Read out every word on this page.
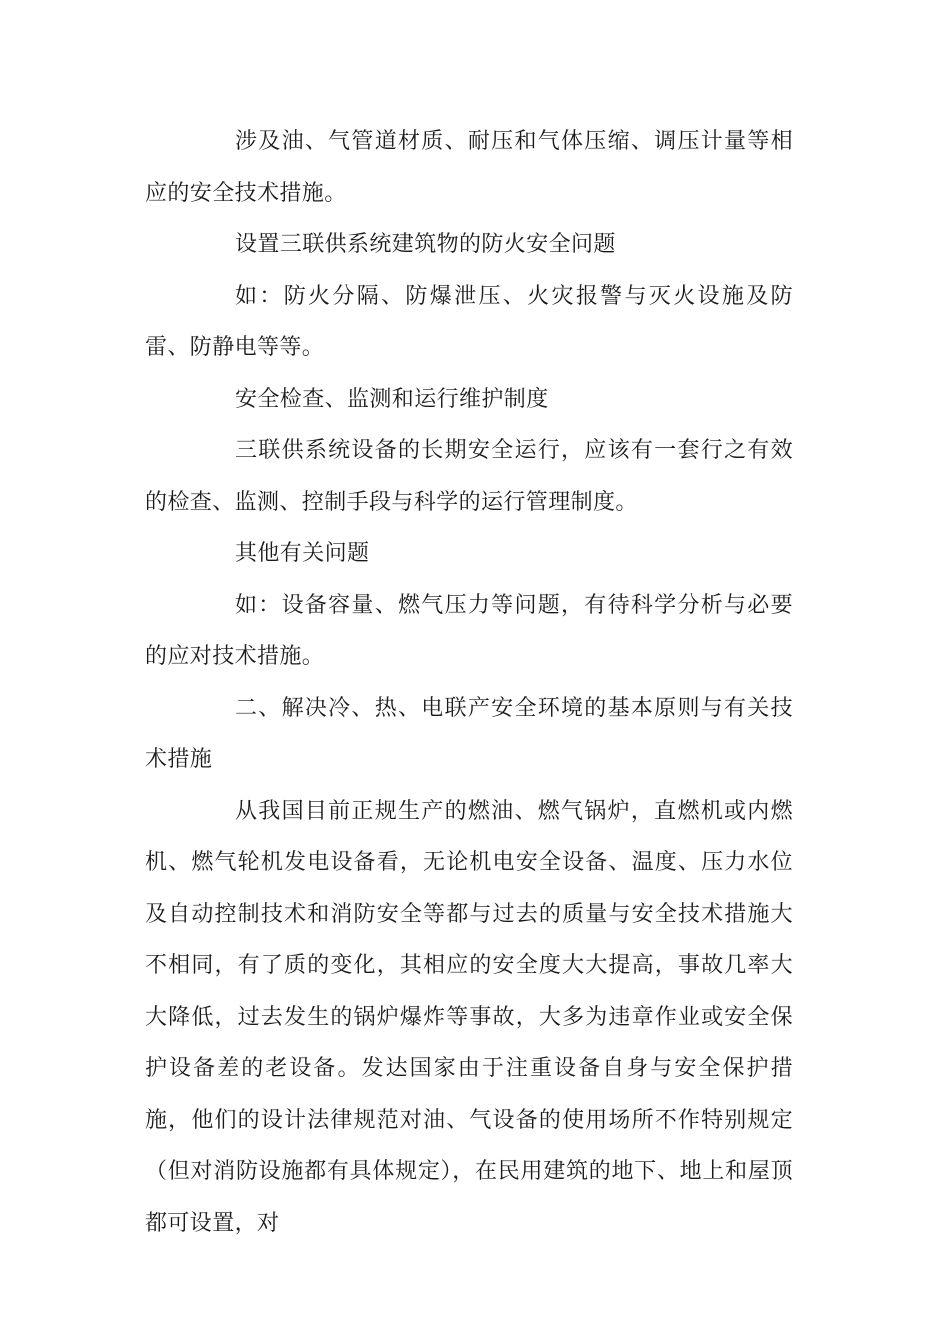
涉及油、气管道材质、耐压和气体压缩、调压计量等相应的安全技术措施。

设置三联供系统建筑物的防火安全问题

如：防火分隔、防爆泄压、火灾报警与灭火设施及防雷、防静电等等。

安全检查、监测和运行维护制度

三联供系统设备的长期安全运行，应该有一套行之有效的检查、监测、控制手段与科学的运行管理制度。

其他有关问题

如：设备容量、燃气压力等问题，有待科学分析与必要的应对技术措施。

二、解决冷、热、电联产安全环境的基本原则与有关技术措施

从我国目前正规生产的燃油、燃气锅炉，直燃机或内燃机、燃气轮机发电设备看，无论机电安全设备、温度、压力水位及自动控制技术和消防安全等都与过去的质量与安全技术措施大不相同，有了质的变化，其相应的安全度大大提高，事故几率大大降低，过去发生的锅炉爆炸等事故，大多为违章作业或安全保护设备差的老设备。发达国家由于注重设备自身与安全保护措施，他们的设计法律规范对油、气设备的使用场所不作特别规定（但对消防设施都有具体规定），在民用建筑的地下、地上和屋顶都可设置，对
